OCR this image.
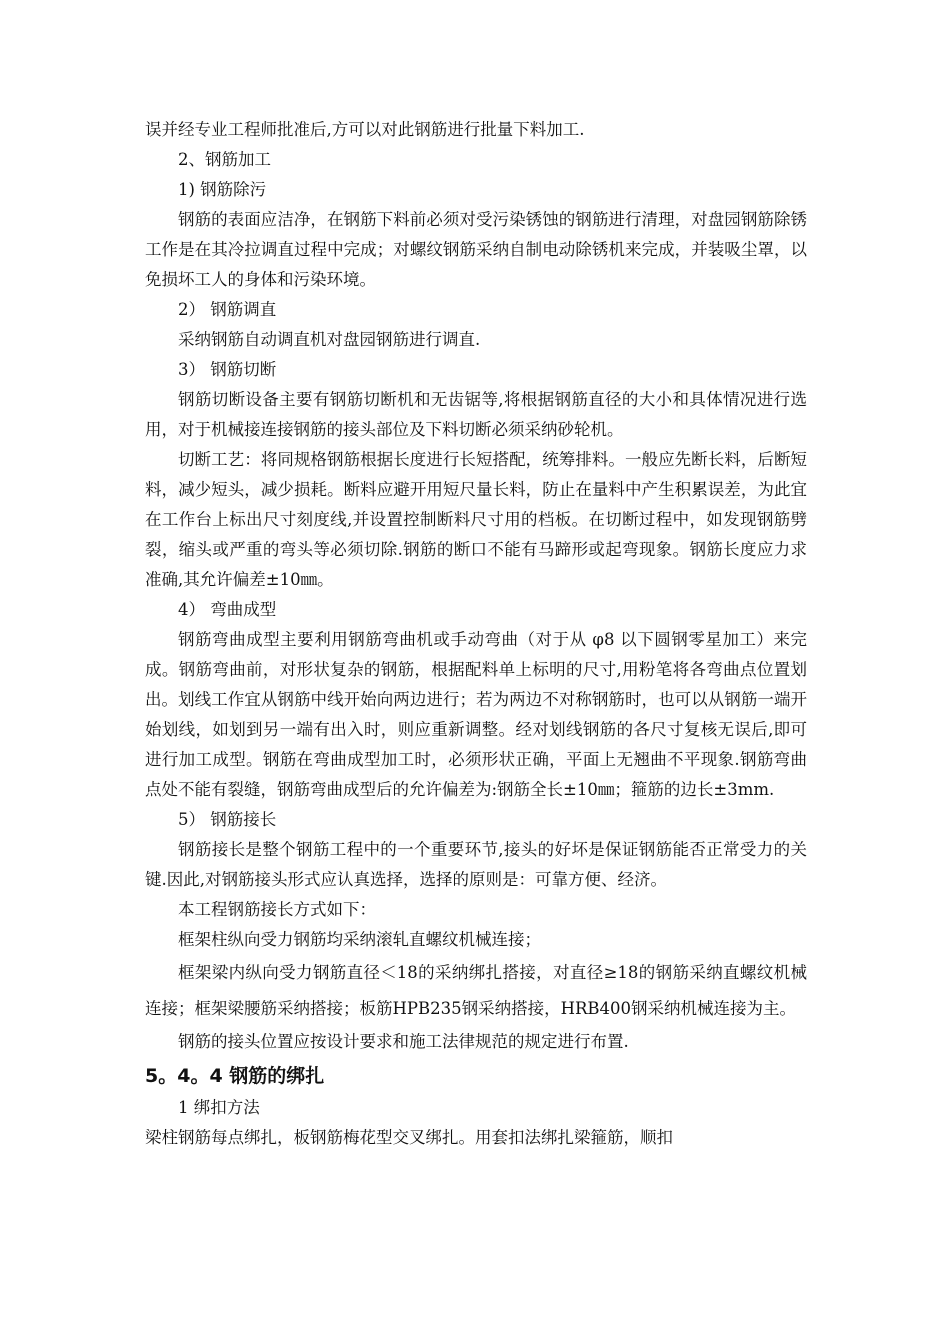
误并经专业工程师批准后,方可以对此钢筋进行批量下料加工.

2、钢筋加工

1) 钢筋除污

钢筋的表面应洁净，在钢筋下料前必须对受污染锈蚀的钢筋进行清理，对盘园钢筋除锈工作是在其冷拉调直过程中完成；对螺纹钢筋采纳自制电动除锈机来完成，并装吸尘罩，以免损坏工人的身体和污染环境。

2） 钢筋调直

采纳钢筋自动调直机对盘园钢筋进行调直.

3） 钢筋切断

钢筋切断设备主要有钢筋切断机和无齿锯等,将根据钢筋直径的大小和具体情况进行选用，对于机械接连接钢筋的接头部位及下料切断必须采纳砂轮机。

切断工艺：将同规格钢筋根据长度进行长短搭配，统筹排料。一般应先断长料，后断短料，减少短头，减少损耗。断料应避开用短尺量长料，防止在量料中产生积累误差，为此宜在工作台上标出尺寸刻度线,并设置控制断料尺寸用的档板。在切断过程中，如发现钢筋劈裂，缩头或严重的弯头等必须切除.钢筋的断口不能有马蹄形或起弯现象。钢筋长度应力求准确,其允许偏差±10㎜。

4） 弯曲成型

钢筋弯曲成型主要利用钢筋弯曲机或手动弯曲（对于从 φ8 以下圆钢零星加工）来完成。钢筋弯曲前，对形状复杂的钢筋，根据配料单上标明的尺寸,用粉笔将各弯曲点位置划出。划线工作宜从钢筋中线开始向两边进行；若为两边不对称钢筋时，也可以从钢筋一端开始划线，如划到另一端有出入时，则应重新调整。经对划线钢筋的各尺寸复核无误后,即可进行加工成型。钢筋在弯曲成型加工时，必须形状正确，平面上无翘曲不平现象.钢筋弯曲点处不能有裂缝，钢筋弯曲成型后的允许偏差为:钢筋全长±10㎜；箍筋的边长±3mm.

5） 钢筋接长

钢筋接长是整个钢筋工程中的一个重要环节,接头的好坏是保证钢筋能否正常受力的关键.因此,对钢筋接头形式应认真选择，选择的原则是：可靠方便、经济。

本工程钢筋接长方式如下：

框架柱纵向受力钢筋均采纳滚轧直螺纹机械连接；

框架梁内纵向受力钢筋直径＜18的采纳绑扎搭接，对直径≥18的钢筋采纳直螺纹机械连接；框架梁腰筋采纳搭接；板筋HPB235钢采纳搭接，HRB400钢采纳机械连接为主。

钢筋的接头位置应按设计要求和施工法律规范的规定进行布置.

5。4。4 钢筋的绑扎

1 绑扣方法

梁柱钢筋每点绑扎，板钢筋梅花型交叉绑扎。用套扣法绑扎梁箍筋，顺扣
